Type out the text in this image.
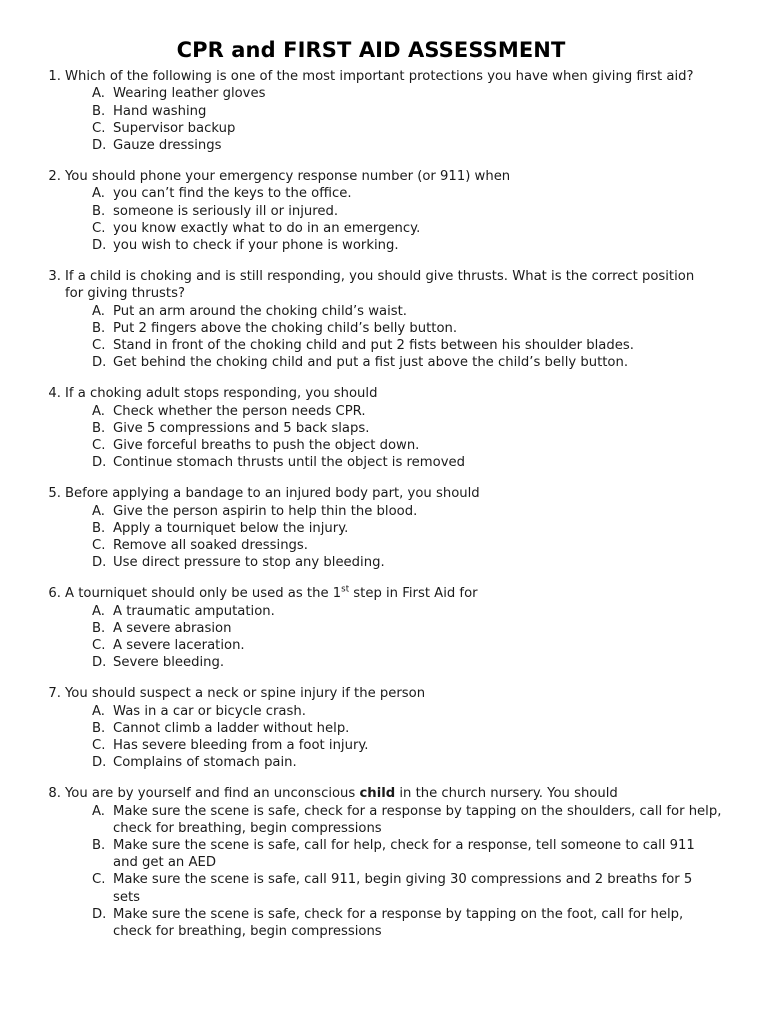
CPR and FIRST AID ASSESSMENT
1. Which of the following is one of the most important protections you have when giving first aid?
A. Wearing leather gloves
B. Hand washing
C. Supervisor backup
D. Gauze dressings
2. You should phone your emergency response number (or 911) when
A. you can’t find the keys to the office.
B. someone is seriously ill or injured.
C. you know exactly what to do in an emergency.
D. you wish to check if your phone is working.
3. If a child is choking and is still responding, you should give thrusts. What is the correct position for giving thrusts?
A. Put an arm around the choking child’s waist.
B. Put 2 fingers above the choking child’s belly button.
C. Stand in front of the choking child and put 2 fists between his shoulder blades.
D. Get behind the choking child and put a fist just above the child’s belly button.
4. If a choking adult stops responding, you should
A. Check whether the person needs CPR.
B. Give 5 compressions and 5 back slaps.
C. Give forceful breaths to push the object down.
D. Continue stomach thrusts until the object is removed
5. Before applying a bandage to an injured body part, you should
A. Give the person aspirin to help thin the blood.
B. Apply a tourniquet below the injury.
C. Remove all soaked dressings.
D. Use direct pressure to stop any bleeding.
6. A tourniquet should only be used as the 1st step in First Aid for
A. A traumatic amputation.
B. A severe abrasion
C. A severe laceration.
D. Severe bleeding.
7. You should suspect a neck or spine injury if the person
A. Was in a car or bicycle crash.
B. Cannot climb a ladder without help.
C. Has severe bleeding from a foot injury.
D. Complains of stomach pain.
8. You are by yourself and find an unconscious child in the church nursery. You should
A. Make sure the scene is safe, check for a response by tapping on the shoulders, call for help, check for breathing, begin compressions
B. Make sure the scene is safe, call for help, check for a response, tell someone to call 911 and get an AED
C. Make sure the scene is safe, call 911, begin giving 30 compressions and 2 breaths for 5 sets
D. Make sure the scene is safe, check for a response by tapping on the foot, call for help, check for breathing, begin compressions
